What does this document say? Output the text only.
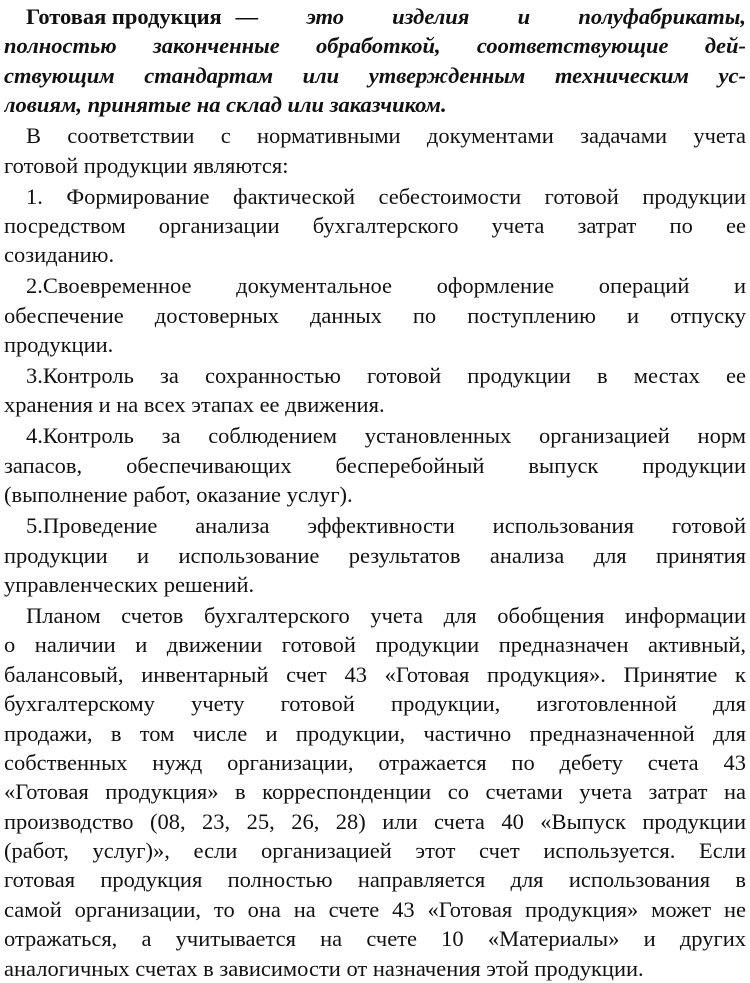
Готовая продукция — это изделия и полуфабрикаты,
полностью законченные обработкой, соответствующие дей-
ствующим стандартам или утвержденным техническим ус-
ловиям, принятые на склад или заказчиком.
В соответствии с нормативными документами задачами учета
готовой продукции являются:
1. Формирование фактической себестоимости готовой продукции
посредством организации бухгалтерского учета затрат по ее
созиданию.
2.Своевременное документальное оформление операций и
обеспечение достоверных данных по поступлению и отпуску
продукции.
3.Контроль за сохранностью готовой продукции в местах ее
хранения и на всех этапах ее движения.
4.Контроль за соблюдением установленных организацией норм
запасов, обеспечивающих бесперебойный выпуск продукции
(выполнение работ, оказание услуг).
5.Проведение анализа эффективности использования готовой
продукции и использование результатов анализа для принятия
управленческих решений.
Планом счетов бухгалтерского учета для обобщения информации
о наличии и движении готовой продукции предназначен активный,
балансовый, инвентарный счет 43 «Готовая продукция». Принятие к
бухгалтерскому учету готовой продукции, изготовленной для
продажи, в том числе и продукции, частично предназначенной для
собственных нужд организации, отражается по дебету счета 43
«Готовая продукция» в корреспонденции со счетами учета затрат на
производство (08, 23, 25, 26, 28) или счета 40 «Выпуск продукции
(работ, услуг)», если организацией этот счет используется. Если
готовая продукция полностью направляется для использования в
самой организации, то она на счете 43 «Готовая продукция» может не
отражаться, а учитывается на счете 10 «Материалы» и других
аналогичных счетах в зависимости от назначения этой продукции.
